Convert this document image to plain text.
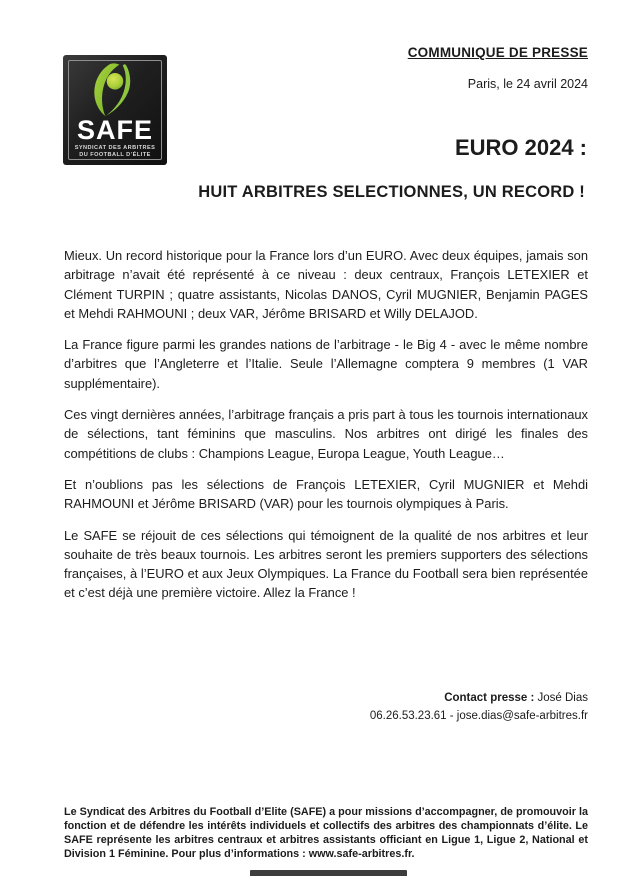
SAFE
SYNDICAT DES ARBITRES
DU FOOTBALL D’ÉLITE
COMMUNIQUE DE PRESSE
Paris, le 24 avril 2024
EURO 2024 :
HUIT ARBITRES SELECTIONNES, UN RECORD !

Mieux. Un record historique pour la France lors d’un EURO. Avec deux équipes, jamais son arbitrage n’avait été représenté à ce niveau : deux centraux, François LETEXIER et Clément TURPIN ; quatre assistants, Nicolas DANOS, Cyril MUGNIER, Benjamin PAGES et Mehdi RAHMOUNI ; deux VAR, Jérôme BRISARD et Willy DELAJOD.

La France figure parmi les grandes nations de l’arbitrage - le Big 4 - avec le même nombre d’arbitres que l’Angleterre et l’Italie. Seule l’Allemagne comptera 9 membres (1 VAR supplémentaire).

Ces vingt dernières années, l’arbitrage français a pris part à tous les tournois internationaux de sélections, tant féminins que masculins. Nos arbitres ont dirigé les finales des compétitions de clubs : Champions League, Europa League, Youth League…

Et n’oublions pas les sélections de François LETEXIER, Cyril MUGNIER et Mehdi RAHMOUNI et Jérôme BRISARD (VAR) pour les tournois olympiques à Paris.

Le SAFE se réjouit de ces sélections qui témoignent de la qualité de nos arbitres et leur souhaite de très beaux tournois. Les arbitres seront les premiers supporters des sélections françaises, à l’EURO et aux Jeux Olympiques. La France du Football sera bien représentée et c’est déjà une première victoire. Allez la France !

Contact presse : José Dias
06.26.53.23.61 - jose.dias@safe-arbitres.fr
Le Syndicat des Arbitres du Football d’Elite (SAFE) a pour missions d’accompagner, de promouvoir la fonction et de défendre les intérêts individuels et collectifs des arbitres des championnats d’élite. Le SAFE représente les arbitres centraux et arbitres assistants officiant en Ligue 1, Ligue 2, National et Division 1 Féminine. Pour plus d’informations : www.safe-arbitres.fr.
